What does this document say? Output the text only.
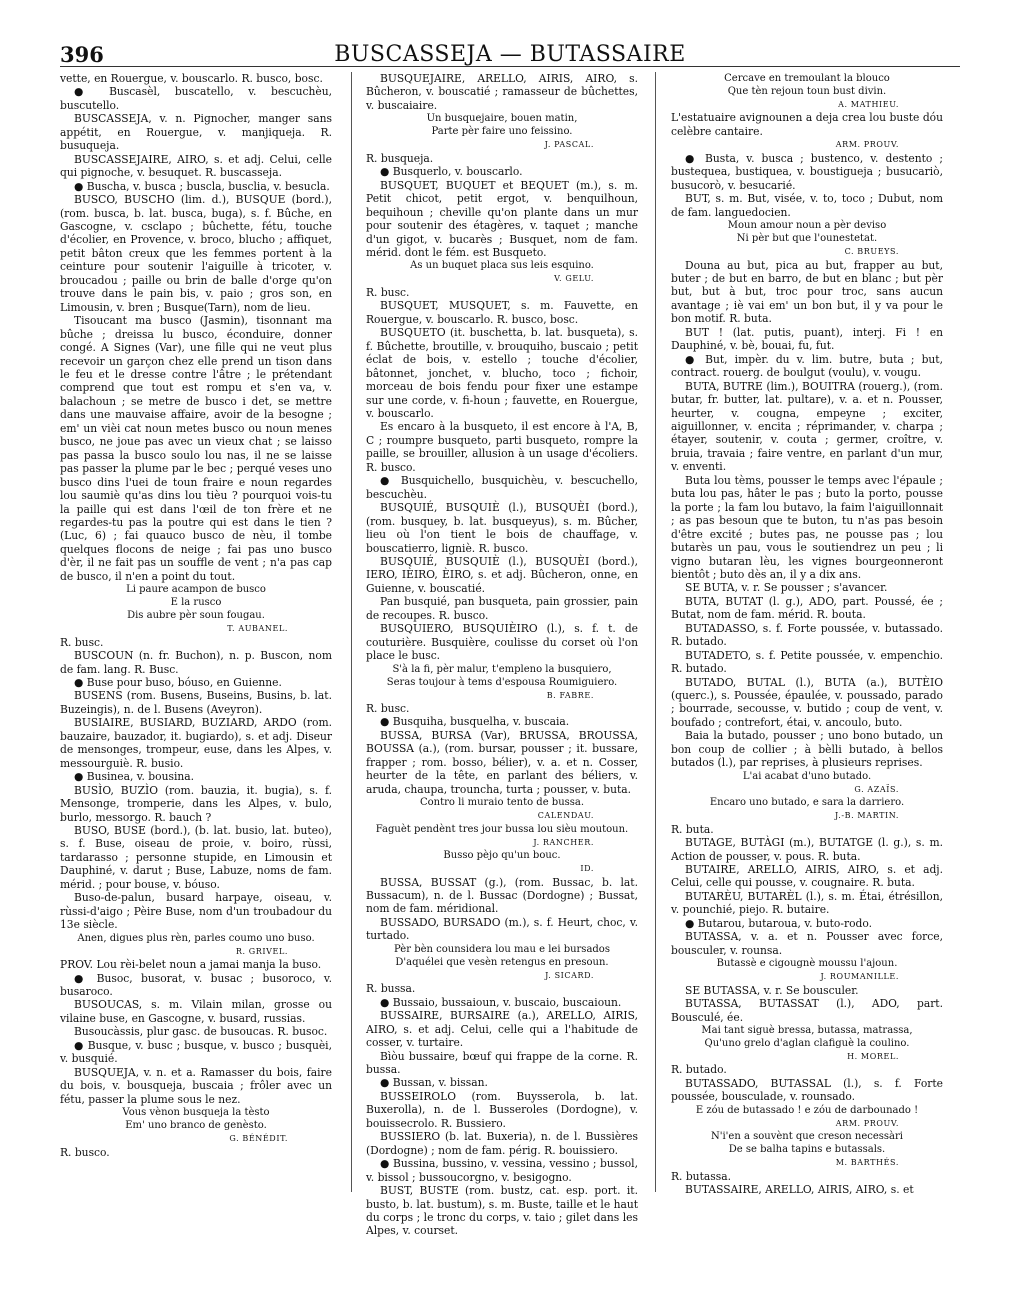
396	BUSCASSEJA — BUTASSAIRE

vette, en Rouergue, v. bouscarlo. R. busco, bosc.

● Buscasèl, buscatello, v. bescuchèu, buscutello.

BUSCASSEJA, v. n. Pignocher, manger sans appétit, en Rouergue, v. manjiqueja. R. busuqueja.

BUSCASSEJAIRE, AIRO, s. et adj. Celui, celle qui pignoche, v. besuquet. R. buscasseja.

● Buscha, v. busca ; buscla, busclia, v. besucla.

BUSCO, BUSCHO (lim. d.), BUSQUE (bord.), (rom. busca, b. lat. busca, buga), s. f. Bûche, en Gascogne, v. csclapo ; bûchette, fétu, touche d'écolier, en Provence, v. broco, blucho ; affiquet, petit bâton creux que les femmes portent à la ceinture pour soutenir l'aiguille à tricoter, v. broucadou ; paille ou brin de balle d'orge qu'on trouve dans le pain bis, v. paio ; gros son, en Limousin, v. bren ; Busque(Tarn), nom de lieu.

Tisoucant ma busco (Jasmin), tisonnant ma bûche ; dreissa lu busco, éconduire, donner congé. A Signes (Var), une fille qui ne veut plus recevoir un garçon chez elle prend un tison dans le feu et le dresse contre l'âtre ; le prétendant comprend que tout est rompu et s'en va, v. balachoun ; se metre de busco i det, se mettre dans une mauvaise affaire, avoir de la besogne ; em' un vièi cat noun metes busco ou noun menes busco, ne joue pas avec un vieux chat ; se laisso pas passa la busco soulo lou nas, il ne se laisse pas passer la plume par le bec ; perqué veses uno busco dins l'uei de toun fraire e noun regardes lou saumiè qu'as dins lou tièu ? pourquoi vois-tu la paille qui est dans l'œil de ton frère et ne regardes-tu pas la poutre qui est dans le tien ? (Luc, 6) ; fai quauco busco de nèu, il tombe quelques flocons de neige ; fai pas uno busco d'èr, il ne fait pas un souffle de vent ; n'a pas cap de busco, il n'en a point du tout.

Li paure acampon de busco

E la rusco

Dis aubre pèr soun fougau.

T. AUBANEL.

R. busc.

BUSCOUN (n. fr. Buchon), n. p. Buscon, nom de fam. lang. R. Busc.

● Buse pour buso, bóuso, en Guienne.

BUSENS (rom. Busens, Buseins, Busins, b. lat. Buzeingis), n. de l. Busens (Aveyron).

BUSIAIRE, BUSIARD, BUZIARD, ARDO (rom. bauzaire, bauzador, it. bugiardo), s. et adj. Diseur de mensonges, trompeur, euse, dans les Alpes, v. messourguiè. R. busio.

● Businea, v. bousina.

BUSÌO, BUZÌO (rom. bauzia, it. bugia), s. f. Mensonge, tromperie, dans les Alpes, v. bulo, burlo, messorgo. R. bauch ?

BUSO, BUSE (bord.), (b. lat. busio, lat. buteo), s. f. Buse, oiseau de proie, v. boiro, rùssi, tardarasso ; personne stupide, en Limousin et Dauphiné, v. darut ; Buse, Labuze, noms de fam. mérid. ; pour bouse, v. bóuso.

Buso-de-palun, busard harpaye, oiseau, v. rùssi-d'aigo ; Pèire Buse, nom d'un troubadour du 13e siècle.

Anen, digues plus rèn, parles coumo uno buso.

R. GRIVEL.

PROV. Lou rèi-belet noun a jamai manja la buso.

● Busoc, busorat, v. busac ; busoroco, v. busaroco.

BUSOUCAS, s. m. Vilain milan, grosse ou vilaine buse, en Gascogne, v. busard, russias.

Busoucàssis, plur gasc. de busoucas. R. busoc.

● Busque, v. busc ; busque, v. busco ; busquèi, v. busquié.

BUSQUEJA, v. n. et a. Ramasser du bois, faire du bois, v. bousqueja, buscaia ; frôler avec un fétu, passer la plume sous le nez.

Vous vènon busqueja la tèsto

Em' uno branco de genèsto.

G. BÉNÉDIT.

R. busco.

BUSQUEJAIRE, ARELLO, AIRIS, AIRO, s. Bûcheron, v. bouscatié ; ramasseur de bûchettes, v. buscaiaire.

Un busquejaire, bouen matin,

Parte pèr faire uno feissino.

J. PASCAL.

R. busqueja.

● Busquerlo, v. bouscarlo.

BUSQUET, BUQUET et BEQUET (m.), s. m. Petit chicot, petit ergot, v. benquilhoun, bequihoun ; cheville qu'on plante dans un mur pour soutenir des étagères, v. taquet ; manche d'un gigot, v. bucarès ; Busquet, nom de fam. mérid. dont le fém. est Busqueto.

As un buquet placa sus leis esquino.

V. GELU.

R. busc.

BUSQUET, MUSQUET, s. m. Fauvette, en Rouergue, v. bouscarlo. R. busco, bosc.

BUSQUETO (it. buschetta, b. lat. busqueta), s. f. Bûchette, broutille, v. brouquiho, buscaio ; petit éclat de bois, v. estello ; touche d'écolier, bâtonnet, jonchet, v. blucho, toco ; fichoir, morceau de bois fendu pour fixer une estampe sur une corde, v. fi-houn ; fauvette, en Rouergue, v. bouscarlo.

Es encaro à la busqueto, il est encore à l'A, B, C ; roumpre busqueto, parti busqueto, rompre la paille, se brouiller, allusion à un usage d'écoliers. R. busco.

● Busquichello, busquichèu, v. bescuchello, bescuchèu.

BUSQUIÉ, BUSQUIÈ (l.), BUSQUÈI (bord.), (rom. busquey, b. lat. busqueyus), s. m. Bûcher, lieu où l'on tient le bois de chauffage, v. bouscatierro, ligniè. R. busco.

BUSQUIÉ, BUSQUIÈ (l.), BUSQUÈI (bord.), IERO, IÈIRO, ÈIRO, s. et adj. Bûcheron, onne, en Guienne, v. bouscatié.

Pan busquié, pan busqueta, pain grossier, pain de recoupes. R. busco.

BUSQUIERO, BUSQUIÈIRO (l.), s. f. t. de couturière. Busquière, coulisse du corset où l'on place le busc.

S'à la fi, pèr malur, t'empleno la busquiero,

Seras toujour à tems d'espousa Roumiguiero.

B. FABRE.

R. busc.

● Busquiha, busquelha, v. buscaia.

BUSSA, BURSA (Var), BRUSSA, BROUSSA, BOUSSA (a.), (rom. bursar, pousser ; it. bussare, frapper ; rom. bosso, bélier), v. a. et n. Cosser, heurter de la tête, en parlant des béliers, v. aruda, chaupa, trouncha, turta ; pousser, v. buta.

Contro li muraio tento de bussa.

CALENDAU.

Faguèt pendènt tres jour bussa lou sièu moutoun.

J. RANCHER.

Busso pèjo qu'un bouc.

ID.

BUSSA, BUSSAT (g.), (rom. Bussac, b. lat. Bussacum), n. de l. Bussac (Dordogne) ; Bussat, nom de fam. méridional.

BUSSADO, BURSADO (m.), s. f. Heurt, choc, v. turtado.

Pèr bèn counsidera lou mau e lei bursados

D'aquélei que vesèn retengus en presoun.

J. SICARD.

R. bussa.

● Bussaio, bussaioun, v. buscaio, buscaioun.

BUSSAIRE, BURSAIRE (a.), ARELLO, AIRIS, AIRO, s. et adj. Celui, celle qui a l'habitude de cosser, v. turtaire.

Bìòu bussaire, bœuf qui frappe de la corne. R. bussa.

● Bussan, v. bissan.

BUSSEIROLO (rom. Buysserola, b. lat. Buxerolla), n. de l. Busseroles (Dordogne), v. bouissecrolo. R. Bussiero.

BUSSIERO (b. lat. Buxeria), n. de l. Bussières (Dordogne) ; nom de fam. périg. R. bouissiero.

● Bussina, bussino, v. vessina, vessino ; bussol, v. bissol ; bussoucorgno, v. besigogno.

BUST, BUSTE (rom. bustz, cat. esp. port. it. busto, b. lat. bustum), s. m. Buste, taille et le haut du corps ; le tronc du corps, v. taio ; gilet dans les Alpes, v. courset.

Cercave en tremoulant la blouco

Que tèn rejoun toun bust divin.

A. MATHIEU.

L'estatuaire avignounen a deja crea lou buste dóu celèbre cantaire.

ARM. PROUV.

● Busta, v. busca ; bustenco, v. destento ; bustequea, bustiquea, v. boustigueja ; busucariò, busucorò, v. besucarié.

BUT, s. m. But, visée, v. to, toco ; Dubut, nom de fam. languedocien.

Moun amour noun a pèr deviso

Ni pèr but que l'ounestetat.

C. BRUEYS.

Douna au but, pica au but, frapper au but, buter ; de but en barro, de but en blanc ; but pèr but, but à but, troc pour troc, sans aucun avantage ; iè vai em' un bon but, il y va pour le bon motif. R. buta.

BUT ! (lat. putis, puant), interj. Fi ! en Dauphiné, v. bè, bouai, fu, fut.

● But, impèr. du v. lim. butre, buta ; but, contract. rouerg. de boulgut (voulu), v. vougu.

BUTA, BUTRE (lim.), BOUITRA (rouerg.), (rom. butar, fr. butter, lat. pultare), v. a. et n. Pousser, heurter, v. cougna, empeyne ; exciter, aiguillonner, v. encita ; réprimander, v. charpa ; étayer, soutenir, v. couta ; germer, croître, v. bruia, travaia ; faire ventre, en parlant d'un mur, v. enventi.

Buta lou tèms, pousser le temps avec l'épaule ; buta lou pas, hâter le pas ; buto la porto, pousse la porte ; la fam lou butavo, la faim l'aiguillonnait ; as pas besoun que te buton, tu n'as pas besoin d'être excité ; butes pas, ne pousse pas ; lou butarès un pau, vous le soutiendrez un peu ; li vigno butaran lèu, les vignes bourgeonneront bientôt ; buto dès an, il y a dix ans.

SE BUTA, v. r. Se pousser ; s'avancer.

BUTA, BUTAT (l. g.), ADO, part. Poussé, ée ; Butat, nom de fam. mérid. R. bouta.

BUTADASSO, s. f. Forte poussée, v. butassado. R. butado.

BUTADETO, s. f. Petite poussée, v. empenchio. R. butado.

BUTADO, BUTAL (l.), BUTA (a.), BUTÈIO (querc.), s. Poussée, épaulée, v. poussado, parado ; bourrade, secousse, v. butido ; coup de vent, v. boufado ; contrefort, étai, v. ancoulo, buto.

Baia la butado, pousser ; uno bono butado, un bon coup de collier ; à bèlli butado, à bellos butados (l.), par reprises, à plusieurs reprises.

L'ai acabat d'uno butado.

G. AZAÏS.

Encaro uno butado, e sara la darriero.

J.-B. MARTIN.

R. buta.

BUTAGE, BUTÀGI (m.), BUTATGE (l. g.), s. m. Action de pousser, v. pous. R. buta.

BUTAIRE, ARELLO, AIRIS, AIRO, s. et adj. Celui, celle qui pousse, v. cougnaire. R. buta.

BUTARÈU, BUTARÈL (l.), s. m. Étai, étrésillon, v. pounchié, piejo. R. butaire.

● Butarou, butaroua, v. buto-rodo.

BUTASSA, v. a. et n. Pousser avec force, bousculer, v. rounsa.

Butassè e cigougnè moussu l'ajoun.

J. ROUMANILLE.

SE BUTASSA, v. r. Se bousculer.

BUTASSA, BUTASSAT (l.), ADO, part. Bousculé, ée.

Mai tant siguè bressa, butassa, matrassa,

Qu'uno grelo d'aglan clafiguè la coulino.

H. MOREL.

R. butado.

BUTASSADO, BUTASSAL (l.), s. f. Forte poussée, bousculade, v. rounsado.

E zóu de butassado ! e zóu de darbounado !

ARM. PROUV.

N'i'en a souvènt que creson necessàri

De se balha tapins e butassals.

M. BARTHÉS.

R. butassa.

BUTASSAIRE, ARELLO, AIRIS, AIRO, s. et
